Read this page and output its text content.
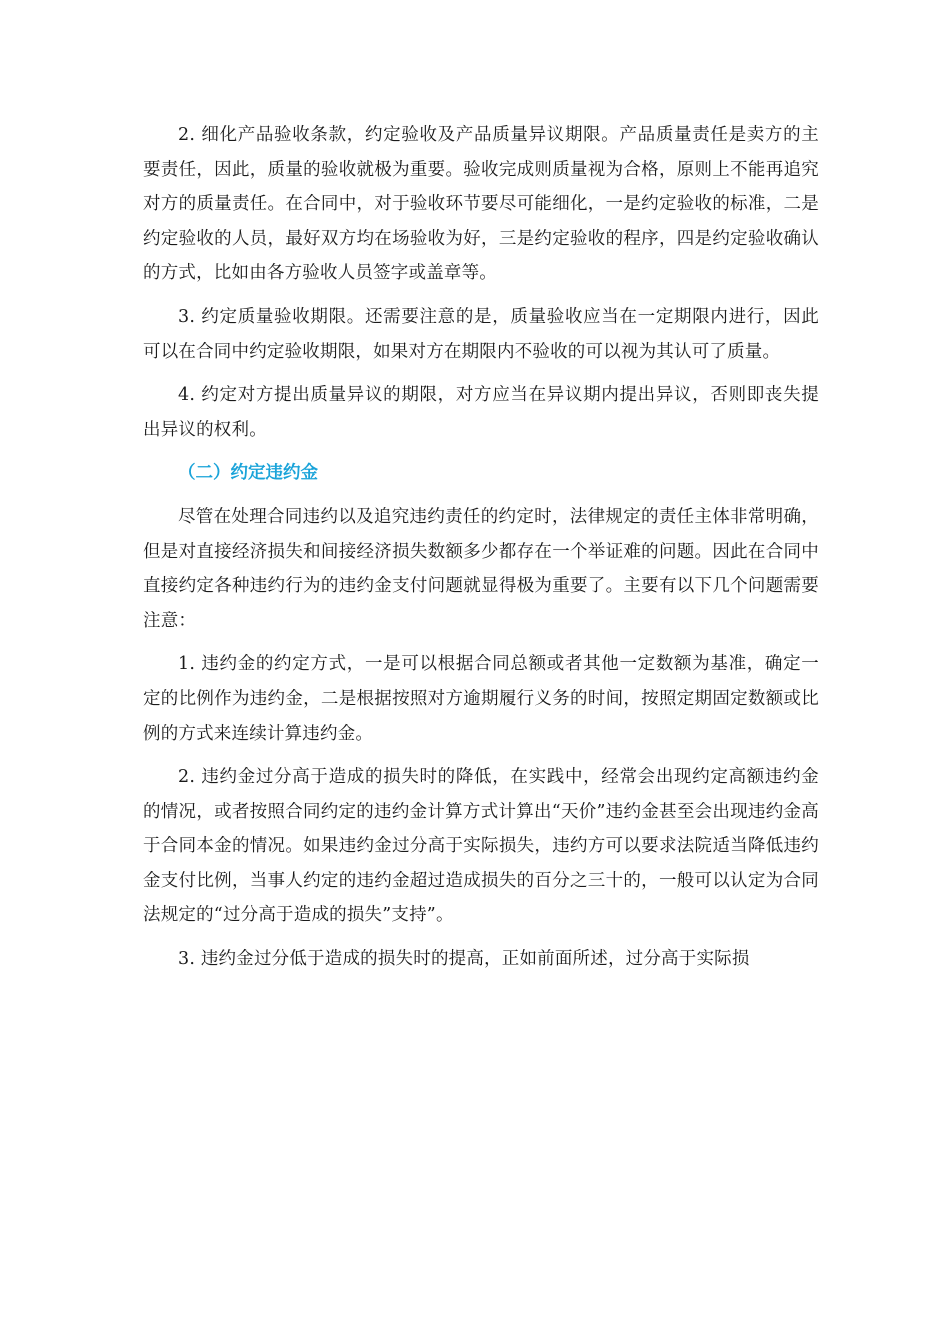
2. 细化产品验收条款，约定验收及产品质量异议期限。产品质量责任是卖方的主要责任，因此，质量的验收就极为重要。验收完成则质量视为合格，原则上不能再追究对方的质量责任。在合同中，对于验收环节要尽可能细化，一是约定验收的标准，二是约定验收的人员，最好双方均在场验收为好，三是约定验收的程序，四是约定验收确认的方式，比如由各方验收人员签字或盖章等。

3. 约定质量验收期限。还需要注意的是，质量验收应当在一定期限内进行，因此可以在合同中约定验收期限，如果对方在期限内不验收的可以视为其认可了质量。

4. 约定对方提出质量异议的期限，对方应当在异议期内提出异议，否则即丧失提出异议的权利。

（二）约定违约金

尽管在处理合同违约以及追究违约责任的约定时，法律规定的责任主体非常明确，但是对直接经济损失和间接经济损失数额多少都存在一个举证难的问题。因此在合同中直接约定各种违约行为的违约金支付问题就显得极为重要了。主要有以下几个问题需要注意：

1. 违约金的约定方式，一是可以根据合同总额或者其他一定数额为基准，确定一定的比例作为违约金，二是根据按照对方逾期履行义务的时间，按照定期固定数额或比例的方式来连续计算违约金。

2. 违约金过分高于造成的损失时的降低，在实践中，经常会出现约定高额违约金的情况，或者按照合同约定的违约金计算方式计算出“天价”违约金甚至会出现违约金高于合同本金的情况。如果违约金过分高于实际损失，违约方可以要求法院适当降低违约金支付比例，当事人约定的违约金超过造成损失的百分之三十的，一般可以认定为合同法规定的“过分高于造成的损失”支持”。

3. 违约金过分低于造成的损失时的提高，正如前面所述，过分高于实际损
